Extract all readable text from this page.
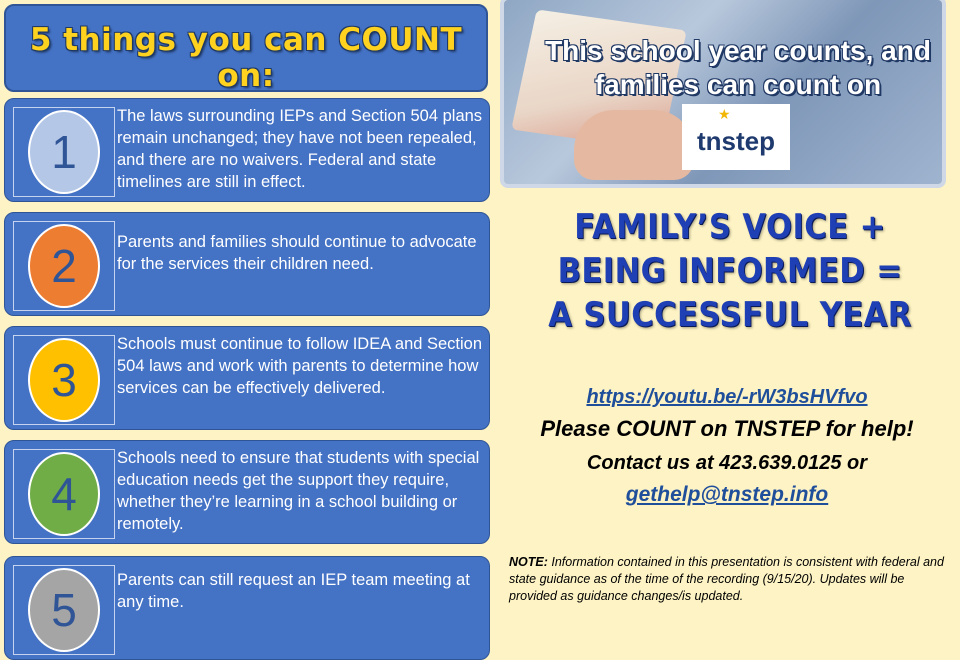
5 things you can COUNT on:
1
The laws surrounding IEPs and Section 504 plans remain unchanged; they have not been repealed, and there are no waivers. Federal and state timelines are still in effect.
2	Parents and families should continue to advocate for the services their children need.
3
Schools must continue to follow IDEA and Section 504 laws and work with parents to determine how services can be effectively delivered.
4
Schools need to ensure that students with special education needs get the support they require, whether they’re learning in a school building or remotely.
5
Parents can still request an IEP team meeting at any time.
This school year counts, and families can count on
★
tnstep
FAMILY’S VOICE +
BEING INFORMED =
A SUCCESSFUL YEAR
https://youtu.be/-rW3bsHVfvo
Please COUNT on TNSTEP for help!
Contact us at 423.639.0125 or
gethelp@tnstep.info
NOTE: Information contained in this presentation is consistent with federal and state guidance as of the time of the recording (9/15/20). Updates will be provided as guidance changes/is updated.
